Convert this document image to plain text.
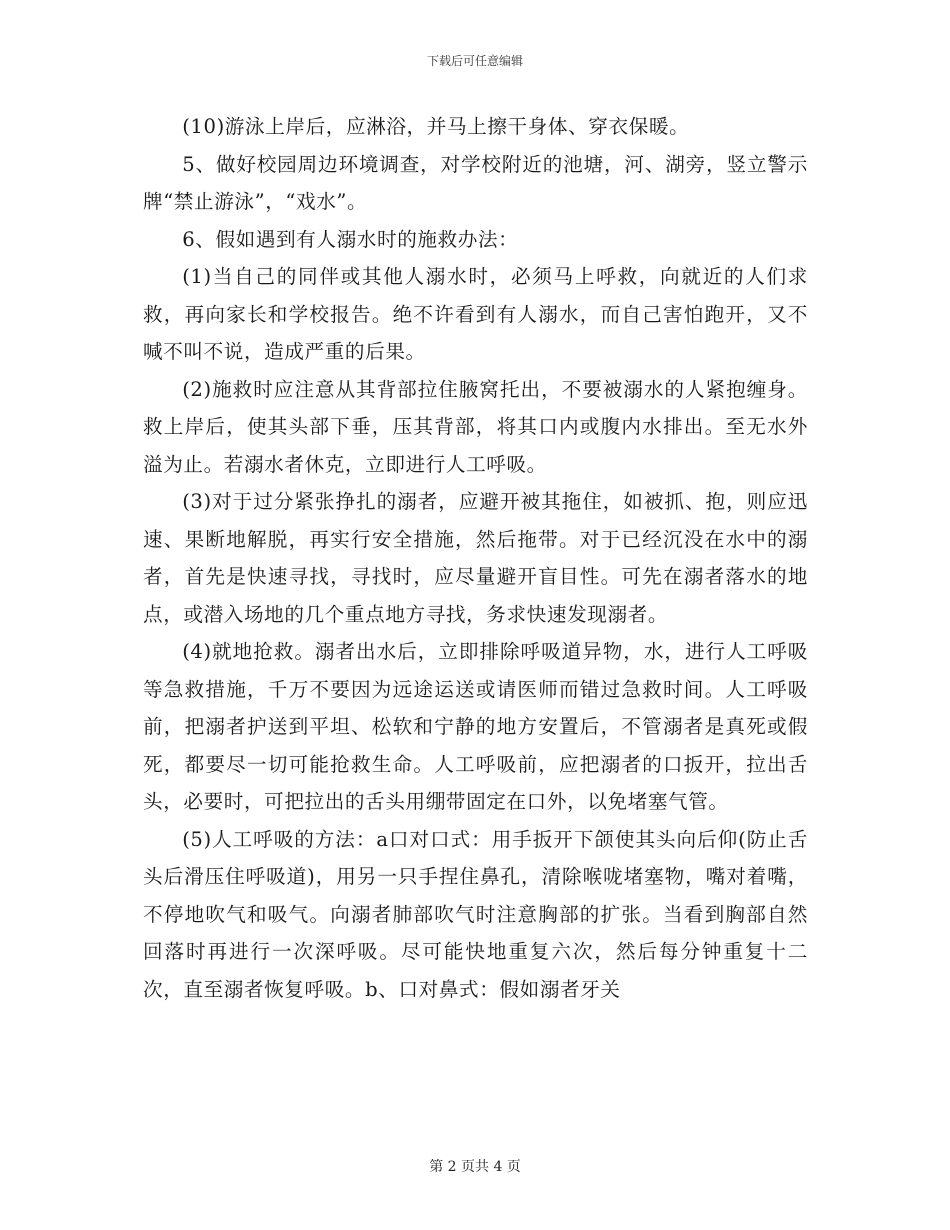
下载后可任意编辑

(10)游泳上岸后，应淋浴，并马上擦干身体、穿衣保暖。

5、做好校园周边环境调查，对学校附近的池塘，河、湖旁，竖立警示牌“禁止游泳”，“戏水”。

6、假如遇到有人溺水时的施救办法：

(1)当自己的同伴或其他人溺水时，必须马上呼救，向就近的人们求救，再向家长和学校报告。绝不许看到有人溺水，而自己害怕跑开，又不喊不叫不说，造成严重的后果。

(2)施救时应注意从其背部拉住腋窝托出，不要被溺水的人紧抱缠身。救上岸后，使其头部下垂，压其背部，将其口内或腹内水排出。至无水外溢为止。若溺水者休克，立即进行人工呼吸。

(3)对于过分紧张挣扎的溺者，应避开被其拖住，如被抓、抱，则应迅速、果断地解脱，再实行安全措施，然后拖带。对于已经沉没在水中的溺者，首先是快速寻找，寻找时，应尽量避开盲目性。可先在溺者落水的地点，或潜入场地的几个重点地方寻找，务求快速发现溺者。

(4)就地抢救。溺者出水后，立即排除呼吸道异物，水，进行人工呼吸等急救措施，千万不要因为远途运送或请医师而错过急救时间。人工呼吸前，把溺者护送到平坦、松软和宁静的地方安置后，不管溺者是真死或假死，都要尽一切可能抢救生命。人工呼吸前，应把溺者的口扳开，拉出舌头，必要时，可把拉出的舌头用绷带固定在口外，以免堵塞气管。

(5)人工呼吸的方法：a口对口式：用手扳开下颌使其头向后仰(防止舌头后滑压住呼吸道)，用另一只手捏住鼻孔，清除喉咙堵塞物，嘴对着嘴，不停地吹气和吸气。向溺者肺部吹气时注意胸部的扩张。当看到胸部自然回落时再进行一次深呼吸。尽可能快地重复六次，然后每分钟重复十二次，直至溺者恢复呼吸。b、口对鼻式：假如溺者牙关

第 2 页共 4 页
